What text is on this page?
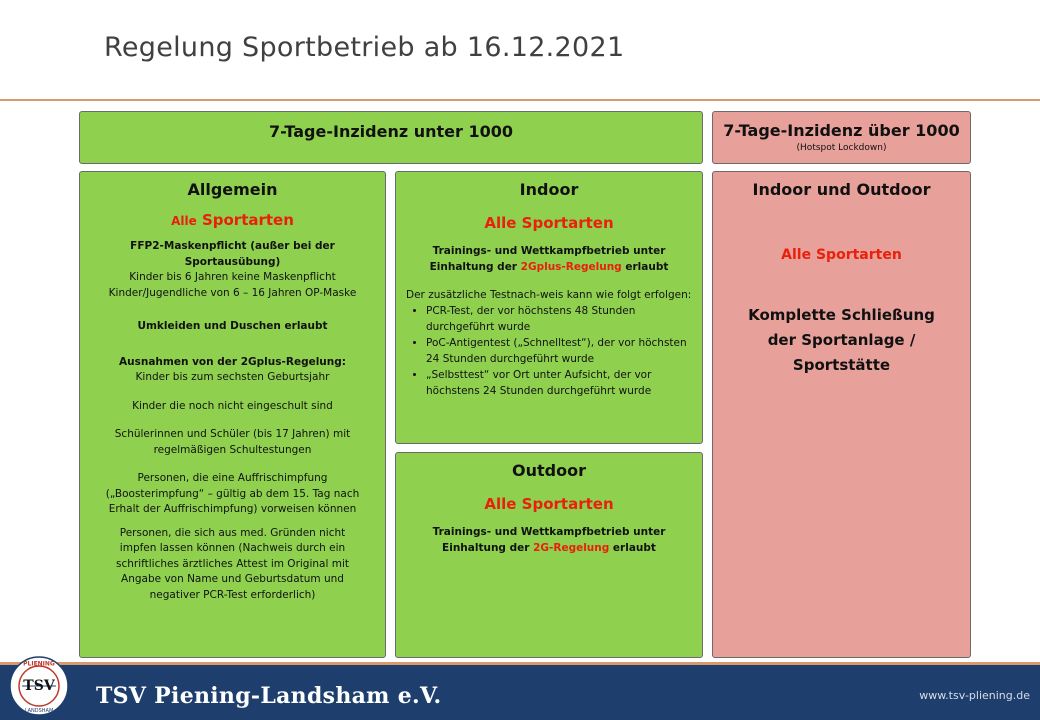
Regelung Sportbetrieb ab 16.12.2021
7-Tage-Inzidenz unter 1000	7-Tage-Inzidenz über 1000
(Hotspot Lockdown)
Allgemein
Alle Sportarten
FFP2-Maskenpflicht (außer bei der Sportausübung)
Kinder bis 6 Jahren keine Maskenpflicht
Kinder/Jugendliche von 6 – 16 Jahren OP-Maske
Umkleiden und Duschen erlaubt
Ausnahmen von der 2Gplus-Regelung:
Kinder bis zum sechsten Geburtsjahr
Kinder die noch nicht eingeschult sind
Schülerinnen und Schüler (bis 17 Jahren) mit regelmäßigen Schultestungen
Personen, die eine Auffrischimpfung („Boosterimpfung“ – gültig ab dem 15. Tag nach Erhalt der Auffrischimpfung) vorweisen können
Personen, die sich aus med. Gründen nicht impfen lassen können (Nachweis durch ein schriftliches ärztliches Attest im Original mit Angabe von Name und Geburtsdatum und negativer PCR-Test erforderlich)
Indoor
Alle Sportarten
Trainings- und Wettkampfbetrieb unter Einhaltung der 2Gplus-Regelung erlaubt
Der zusätzliche Testnach-weis kann wie folgt erfolgen:
• PCR-Test, der vor höchstens 48 Stunden durchgeführt wurde
• PoC-Antigentest („Schnelltest“), der vor höchsten 24 Stunden durchgeführt wurde
• „Selbsttest“ vor Ort unter Aufsicht, der vor höchstens 24 Stunden durchgeführt wurde
Outdoor
Alle Sportarten
Trainings- und Wettkampfbetrieb unter Einhaltung der 2G-Regelung erlaubt
Indoor und Outdoor
Alle Sportarten
Komplette Schließung der Sportanlage / Sportstätte
PLIENING
TSV
LANDSHAM
TSV Piening-Landsham e.V.	www.tsv-pliening.de
